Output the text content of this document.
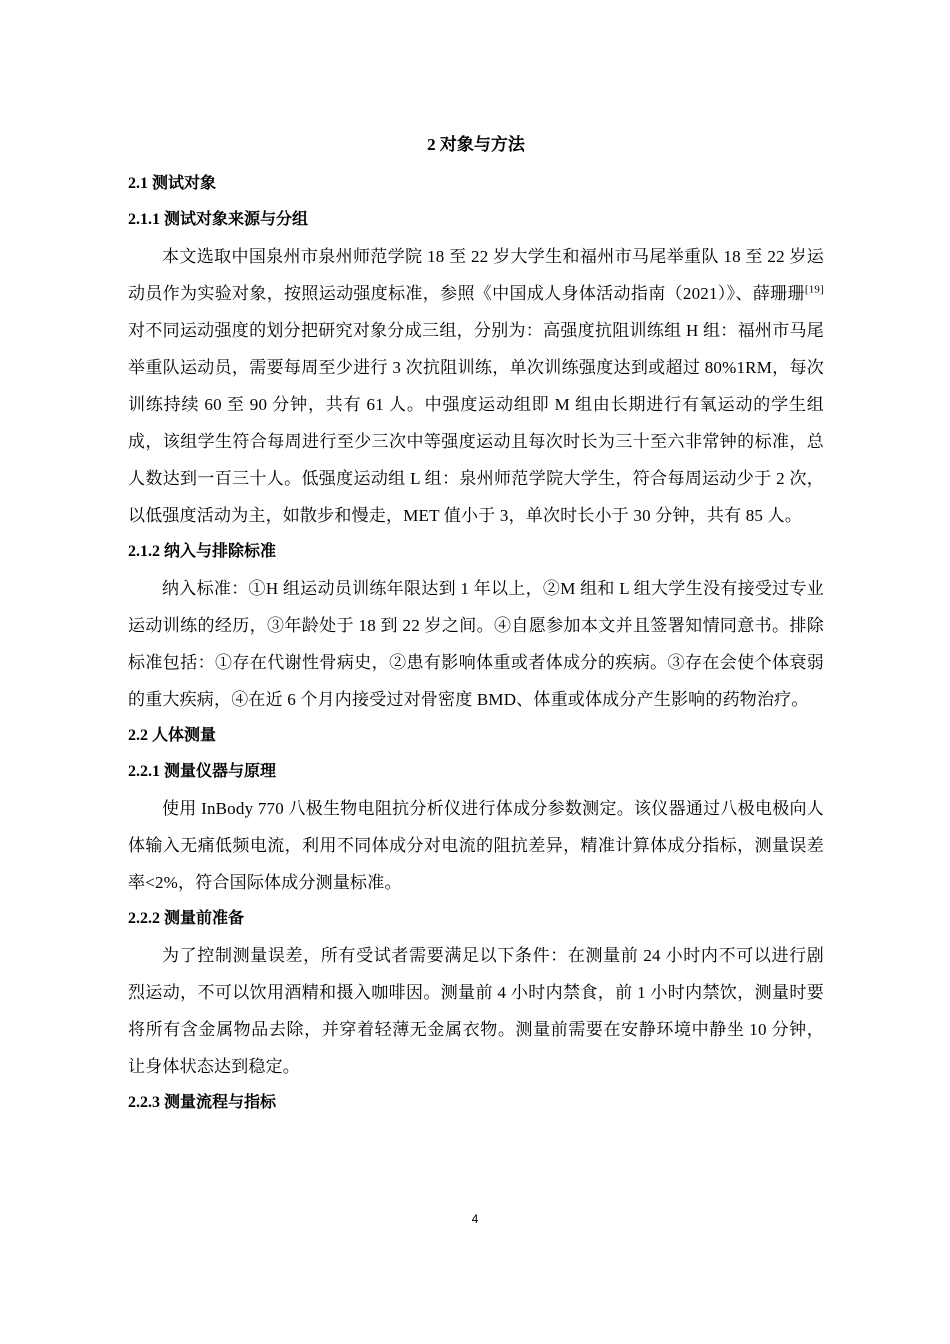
2 对象与方法
2.1 测试对象
2.1.1 测试对象来源与分组

本文选取中国泉州市泉州师范学院 18 至 22 岁大学生和福州市马尾举重队 18 至 22 岁运动员作为实验对象，按照运动强度标准，参照《中国成人身体活动指南（2021）》、薛珊珊[19]对不同运动强度的划分把研究对象分成三组，分别为：高强度抗阻训练组 H 组：福州市马尾举重队运动员，需要每周至少进行 3 次抗阻训练，单次训练强度达到或超过 80%1RM，每次训练持续 60 至 90 分钟，共有 61 人。中强度运动组即 M 组由长期进行有氧运动的学生组成，该组学生符合每周进行至少三次中等强度运动且每次时长为三十至六非常钟的标准，总人数达到一百三十人。低强度运动组 L 组：泉州师范学院大学生，符合每周运动少于 2 次，以低强度活动为主，如散步和慢走，MET 值小于 3，单次时长小于 30 分钟，共有 85 人。

2.1.2 纳入与排除标准

纳入标准：①H 组运动员训练年限达到 1 年以上，②M 组和 L 组大学生没有接受过专业运动训练的经历，③年龄处于 18 到 22 岁之间。④自愿参加本文并且签署知情同意书。排除标准包括：①存在代谢性骨病史，②患有影响体重或者体成分的疾病。③存在会使个体衰弱的重大疾病，④在近 6 个月内接受过对骨密度 BMD、体重或体成分产生影响的药物治疗。

2.2 人体测量
2.2.1 测量仪器与原理

使用 InBody 770 八极生物电阻抗分析仪进行体成分参数测定。该仪器通过八极电极向人体输入无痛低频电流，利用不同体成分对电流的阻抗差异，精准计算体成分指标，测量误差率<2%，符合国际体成分测量标准。

2.2.2 测量前准备

为了控制测量误差，所有受试者需要满足以下条件：在测量前 24 小时内不可以进行剧烈运动，不可以饮用酒精和摄入咖啡因。测量前 4 小时内禁食，前 1 小时内禁饮，测量时要将所有含金属物品去除，并穿着轻薄无金属衣物。测量前需要在安静环境中静坐 10 分钟，让身体状态达到稳定。

2.2.3 测量流程与指标
4
